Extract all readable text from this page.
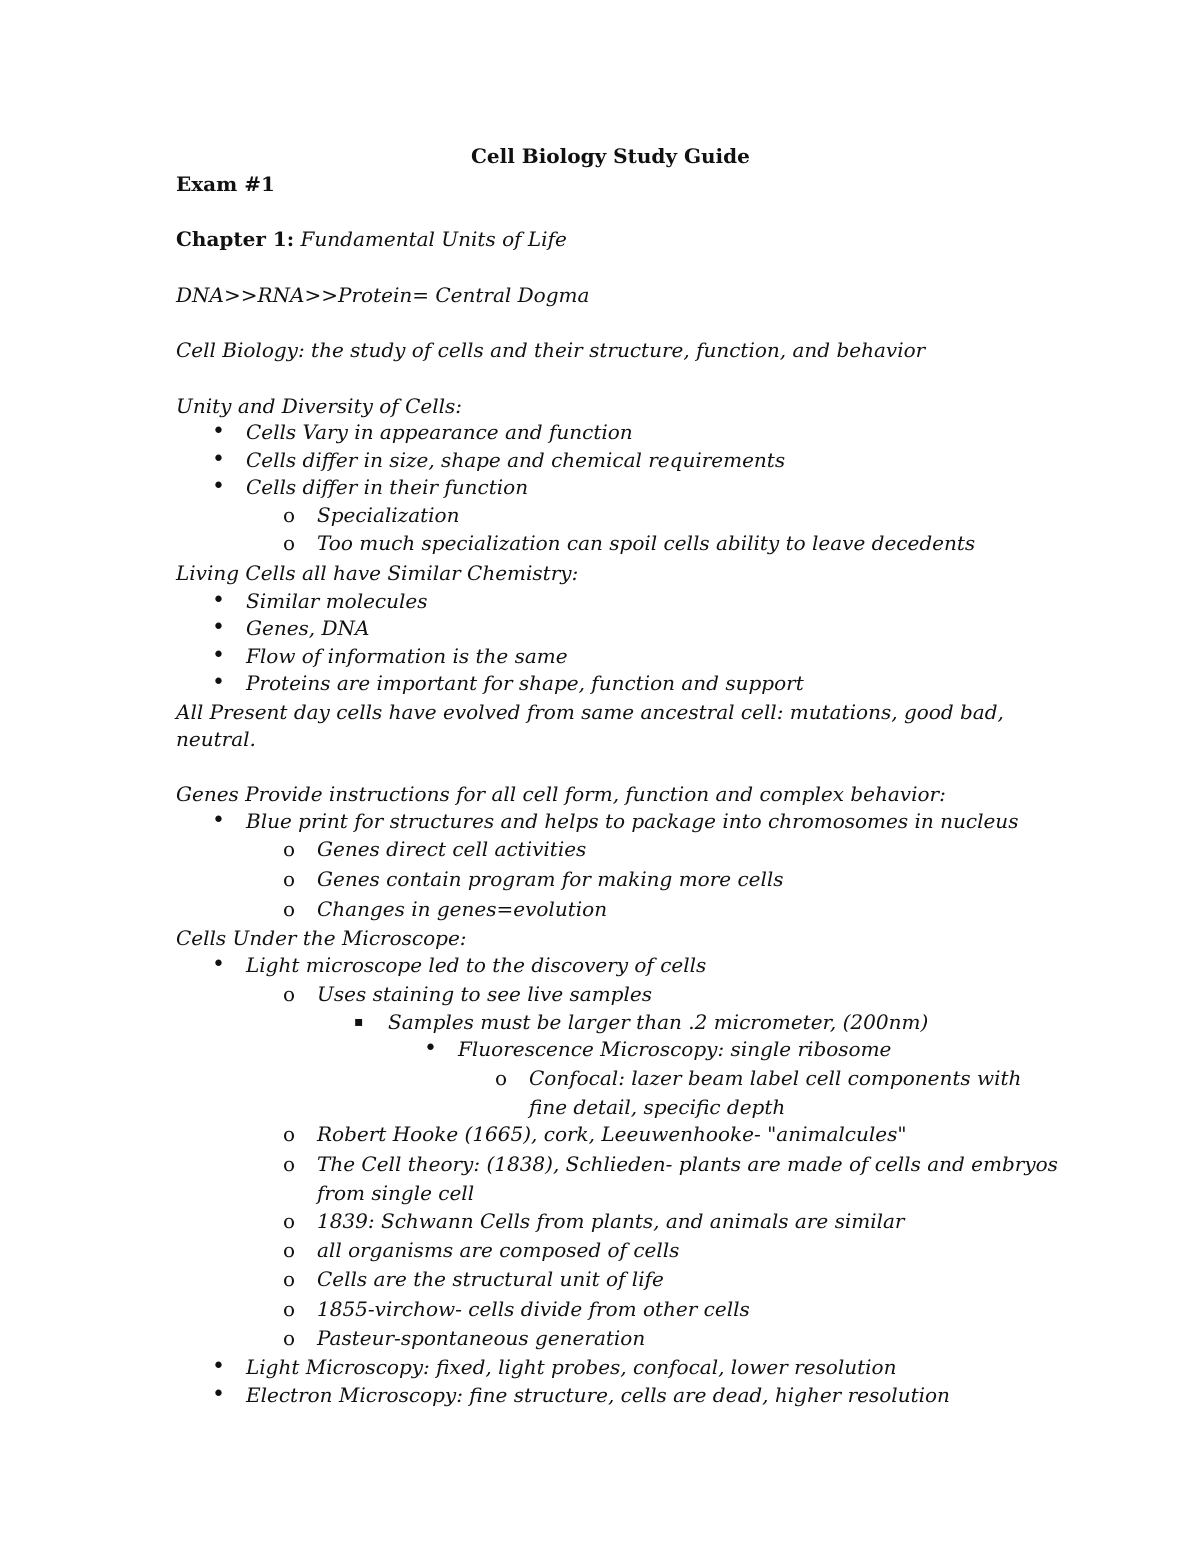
Cell Biology Study Guide
Exam #1
Chapter 1: Fundamental Units of Life
DNA>>RNA>>Protein= Central Dogma
Cell Biology: the study of cells and their structure, function, and behavior
Unity and Diversity of Cells:
• Cells Vary in appearance and function
• Cells differ in size, shape and chemical requirements
• Cells differ in their function
o Specialization
o Too much specialization can spoil cells ability to leave decedents
Living Cells all have Similar Chemistry:
• Similar molecules
• Genes, DNA
• Flow of information is the same
• Proteins are important for shape, function and support
All Present day cells have evolved from same ancestral cell: mutations, good bad,
neutral.
Genes Provide instructions for all cell form, function and complex behavior:
• Blue print for structures and helps to package into chromosomes in nucleus
o Genes direct cell activities
o Genes contain program for making more cells
o Changes in genes=evolution
Cells Under the Microscope:
• Light microscope led to the discovery of cells
o Uses staining to see live samples
▪ Samples must be larger than .2 micrometer, (200nm)
• Fluorescence Microscopy: single ribosome
o Confocal: lazer beam label cell components with
fine detail, specific depth
o Robert Hooke (1665), cork, Leeuwenhooke- "animalcules"
o The Cell theory: (1838), Schlieden- plants are made of cells and embryos
from single cell
o 1839: Schwann Cells from plants, and animals are similar
o all organisms are composed of cells
o Cells are the structural unit of life
o 1855-virchow- cells divide from other cells
o Pasteur-spontaneous generation
• Light Microscopy: fixed, light probes, confocal, lower resolution
• Electron Microscopy: fine structure, cells are dead, higher resolution
